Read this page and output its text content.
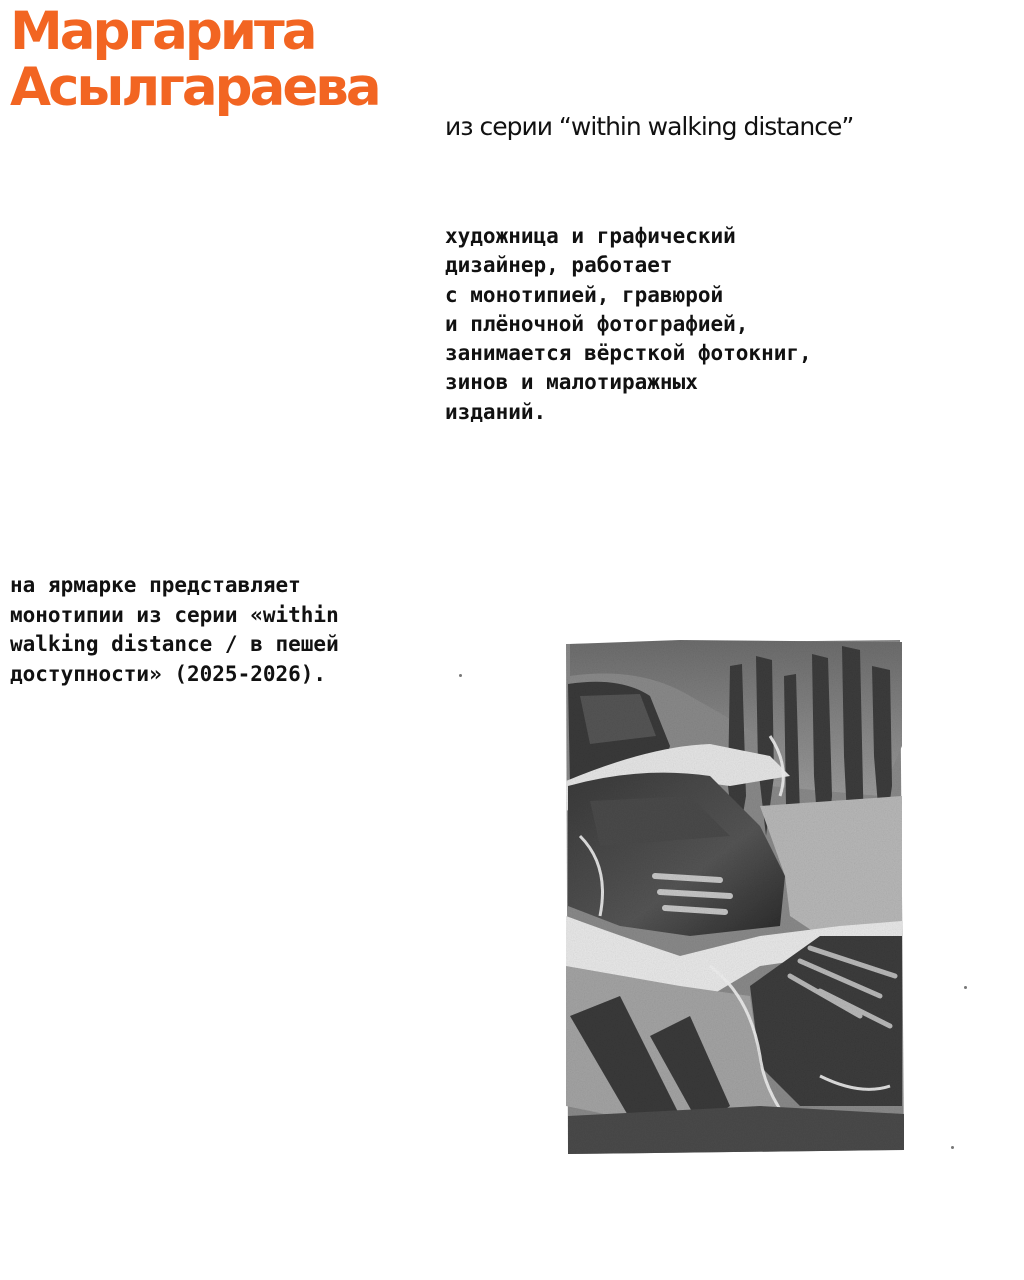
Маргарита
Асылгараева

из серии “within walking distance”

художница и графический
дизайнер, работает
с монотипией, гравюрой
и плёночной фотографией,
занимается вёрсткой фотокниг,
зинов и малотиражных
изданий.
на ярмарке представляет
монотипии из серии «within
walking distance / в пешей
доступности» (2025-2026).
